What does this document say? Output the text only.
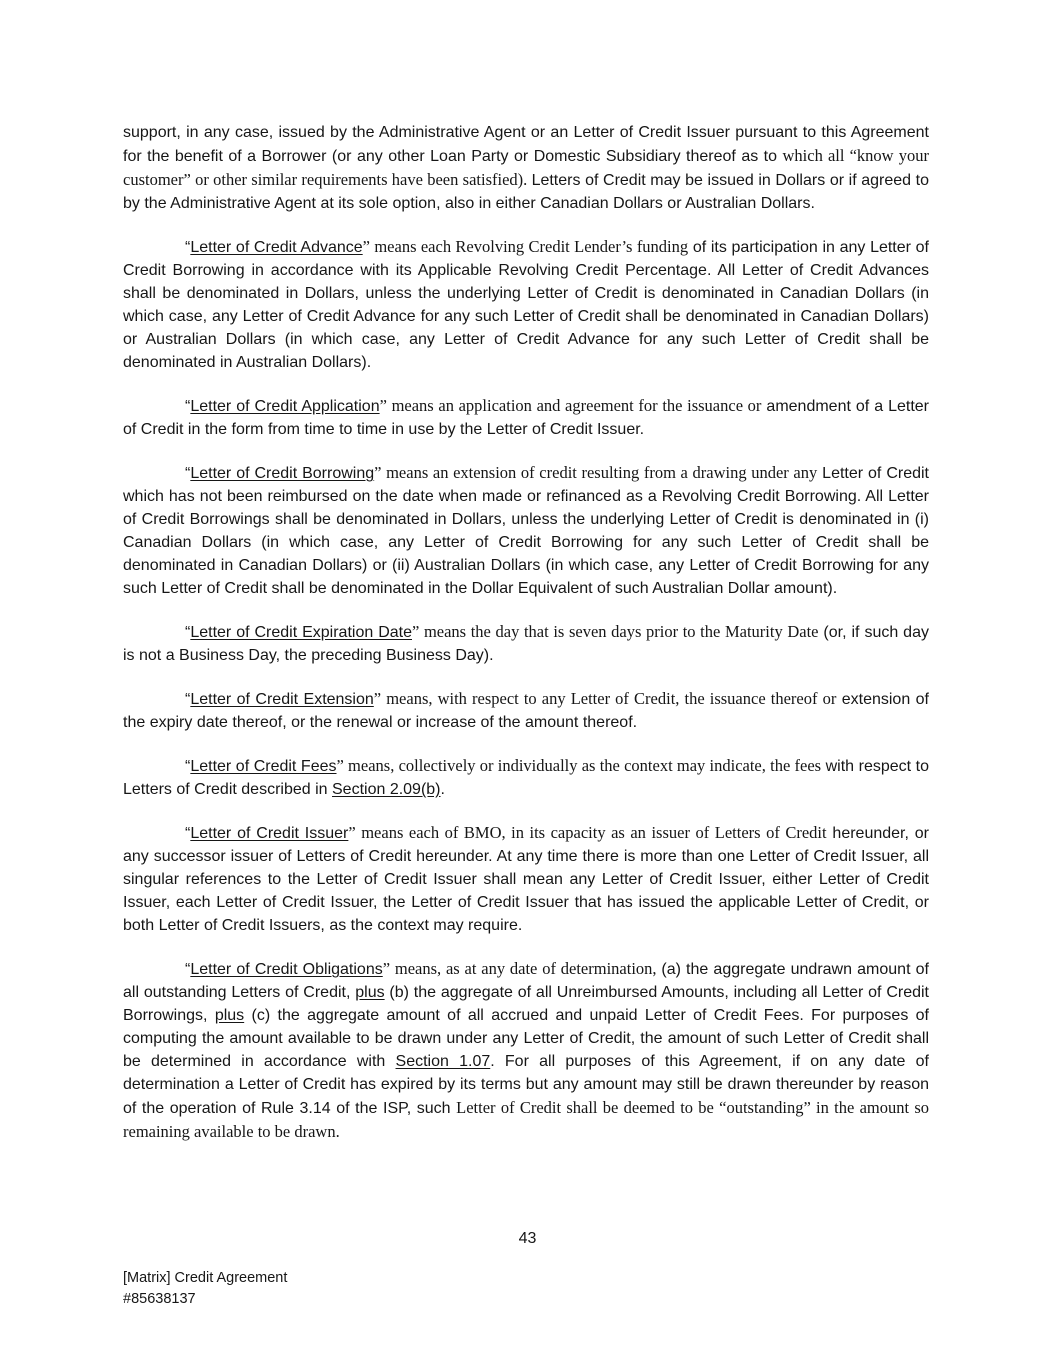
support, in any case, issued by the Administrative Agent or an Letter of Credit Issuer pursuant to this Agreement for the benefit of a Borrower (or any other Loan Party or Domestic Subsidiary thereof as to which all “know your customer” or other similar requirements have been satisfied). Letters of Credit may be issued in Dollars or if agreed to by the Administrative Agent at its sole option, also in either Canadian Dollars or Australian Dollars.
“Letter of Credit Advance” means each Revolving Credit Lender’s funding of its participation in any Letter of Credit Borrowing in accordance with its Applicable Revolving Credit Percentage. All Letter of Credit Advances shall be denominated in Dollars, unless the underlying Letter of Credit is denominated in Canadian Dollars (in which case, any Letter of Credit Advance for any such Letter of Credit shall be denominated in Canadian Dollars) or Australian Dollars (in which case, any Letter of Credit Advance for any such Letter of Credit shall be denominated in Australian Dollars).
“Letter of Credit Application” means an application and agreement for the issuance or amendment of a Letter of Credit in the form from time to time in use by the Letter of Credit Issuer.
“Letter of Credit Borrowing” means an extension of credit resulting from a drawing under any Letter of Credit which has not been reimbursed on the date when made or refinanced as a Revolving Credit Borrowing. All Letter of Credit Borrowings shall be denominated in Dollars, unless the underlying Letter of Credit is denominated in (i) Canadian Dollars (in which case, any Letter of Credit Borrowing for any such Letter of Credit shall be denominated in Canadian Dollars) or (ii) Australian Dollars (in which case, any Letter of Credit Borrowing for any such Letter of Credit shall be denominated in the Dollar Equivalent of such Australian Dollar amount).
“Letter of Credit Expiration Date” means the day that is seven days prior to the Maturity Date (or, if such day is not a Business Day, the preceding Business Day).
“Letter of Credit Extension” means, with respect to any Letter of Credit, the issuance thereof or extension of the expiry date thereof, or the renewal or increase of the amount thereof.
“Letter of Credit Fees” means, collectively or individually as the context may indicate, the fees with respect to Letters of Credit described in Section 2.09(b).
“Letter of Credit Issuer” means each of BMO, in its capacity as an issuer of Letters of Credit hereunder, or any successor issuer of Letters of Credit hereunder. At any time there is more than one Letter of Credit Issuer, all singular references to the Letter of Credit Issuer shall mean any Letter of Credit Issuer, either Letter of Credit Issuer, each Letter of Credit Issuer, the Letter of Credit Issuer that has issued the applicable Letter of Credit, or both Letter of Credit Issuers, as the context may require.
“Letter of Credit Obligations” means, as at any date of determination, (a) the aggregate undrawn amount of all outstanding Letters of Credit, plus (b) the aggregate of all Unreimbursed Amounts, including all Letter of Credit Borrowings, plus (c) the aggregate amount of all accrued and unpaid Letter of Credit Fees. For purposes of computing the amount available to be drawn under any Letter of Credit, the amount of such Letter of Credit shall be determined in accordance with Section 1.07. For all purposes of this Agreement, if on any date of determination a Letter of Credit has expired by its terms but any amount may still be drawn thereunder by reason of the operation of Rule 3.14 of the ISP, such Letter of Credit shall be deemed to be “outstanding” in the amount so remaining available to be drawn.
43
[Matrix] Credit Agreement
#85638137
